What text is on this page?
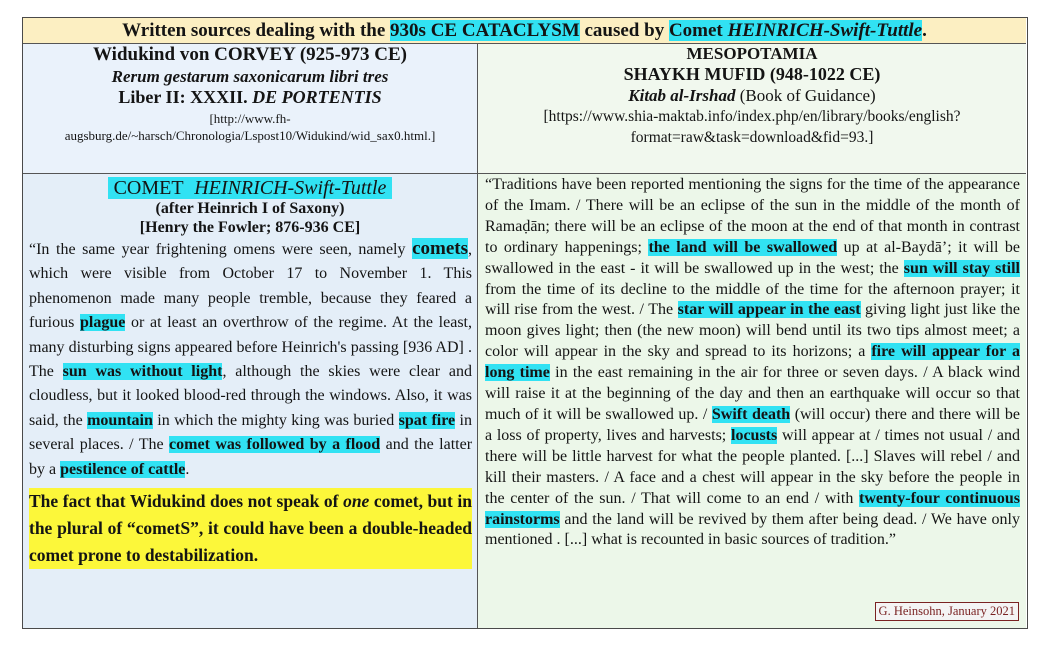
Written sources dealing with the 930s CE CATACLYSM caused by Comet HEINRICH-Swift-Tuttle.
Widukind von CORVEY (925-973 CE)
Rerum gestarum saxonicarum libri tres
Liber II: XXXII. DE PORTENTIS
[http://www.fh-
augsburg.de/~harsch/Chronologia/Lspost10/Widukind/wid_sax0.html.]
MESOPOTAMIA
SHAYKH MUFID (948-1022 CE)
Kitab al-Irshad (Book of Guidance)
[https://www.shia-maktab.info/index.php/en/library/books/english?
format=raw&task=download&fid=93.]
COMET HEINRICH-Swift-Tuttle
(after Heinrich I of Saxony)
[Henry the Fowler; 876-936 CE]
“In the same year frightening omens were seen, namely comets, which were visible from October 17 to November 1. This phenomenon made many people tremble, because they feared a furious plague or at least an overthrow of the regime. At the least, many disturbing signs appeared before Heinrich's passing [936 AD] . The sun was without light, although the skies were clear and cloudless, but it looked blood-red through the windows. Also, it was said, the mountain in which the mighty king was buried spat fire in several places. / The comet was followed by a flood and the latter by a pestilence of cattle.
The fact that Widukind does not speak of one comet, but in the plural of “cometS”, it could have been a double-headed comet prone to destabilization.
“Traditions have been reported mentioning the signs for the time of the appearance of the Imam. / There will be an eclipse of the sun in the middle of the month of Ramaḍān; there will be an eclipse of the moon at the end of that month in contrast to ordinary happenings; the land will be swallowed up at al-Baydā’; it will be swallowed in the east - it will be swallowed up in the west; the sun will stay still from the time of its decline to the middle of the time for the afternoon prayer; it will rise from the west. / The star will appear in the east giving light just like the moon gives light; then (the new moon) will bend until its two tips almost meet; a color will appear in the sky and spread to its horizons; a fire will appear for a long time in the east remaining in the air for three or seven days. / A black wind will raise it at the beginning of the day and then an earthquake will occur so that much of it will be swallowed up. / Swift death (will occur) there and there will be a loss of property, lives and harvests; locusts will appear at / times not usual / and there will be little harvest for what the people planted. [...] Slaves will rebel / and kill their masters. / A face and a chest will appear in the sky before the people in the center of the sun. / That will come to an end / with twenty-four continuous rainstorms and the land will be revived by them after being dead. / We have only mentioned . [...] what is recounted in basic sources of tradition.”
G. Heinsohn, January 2021
